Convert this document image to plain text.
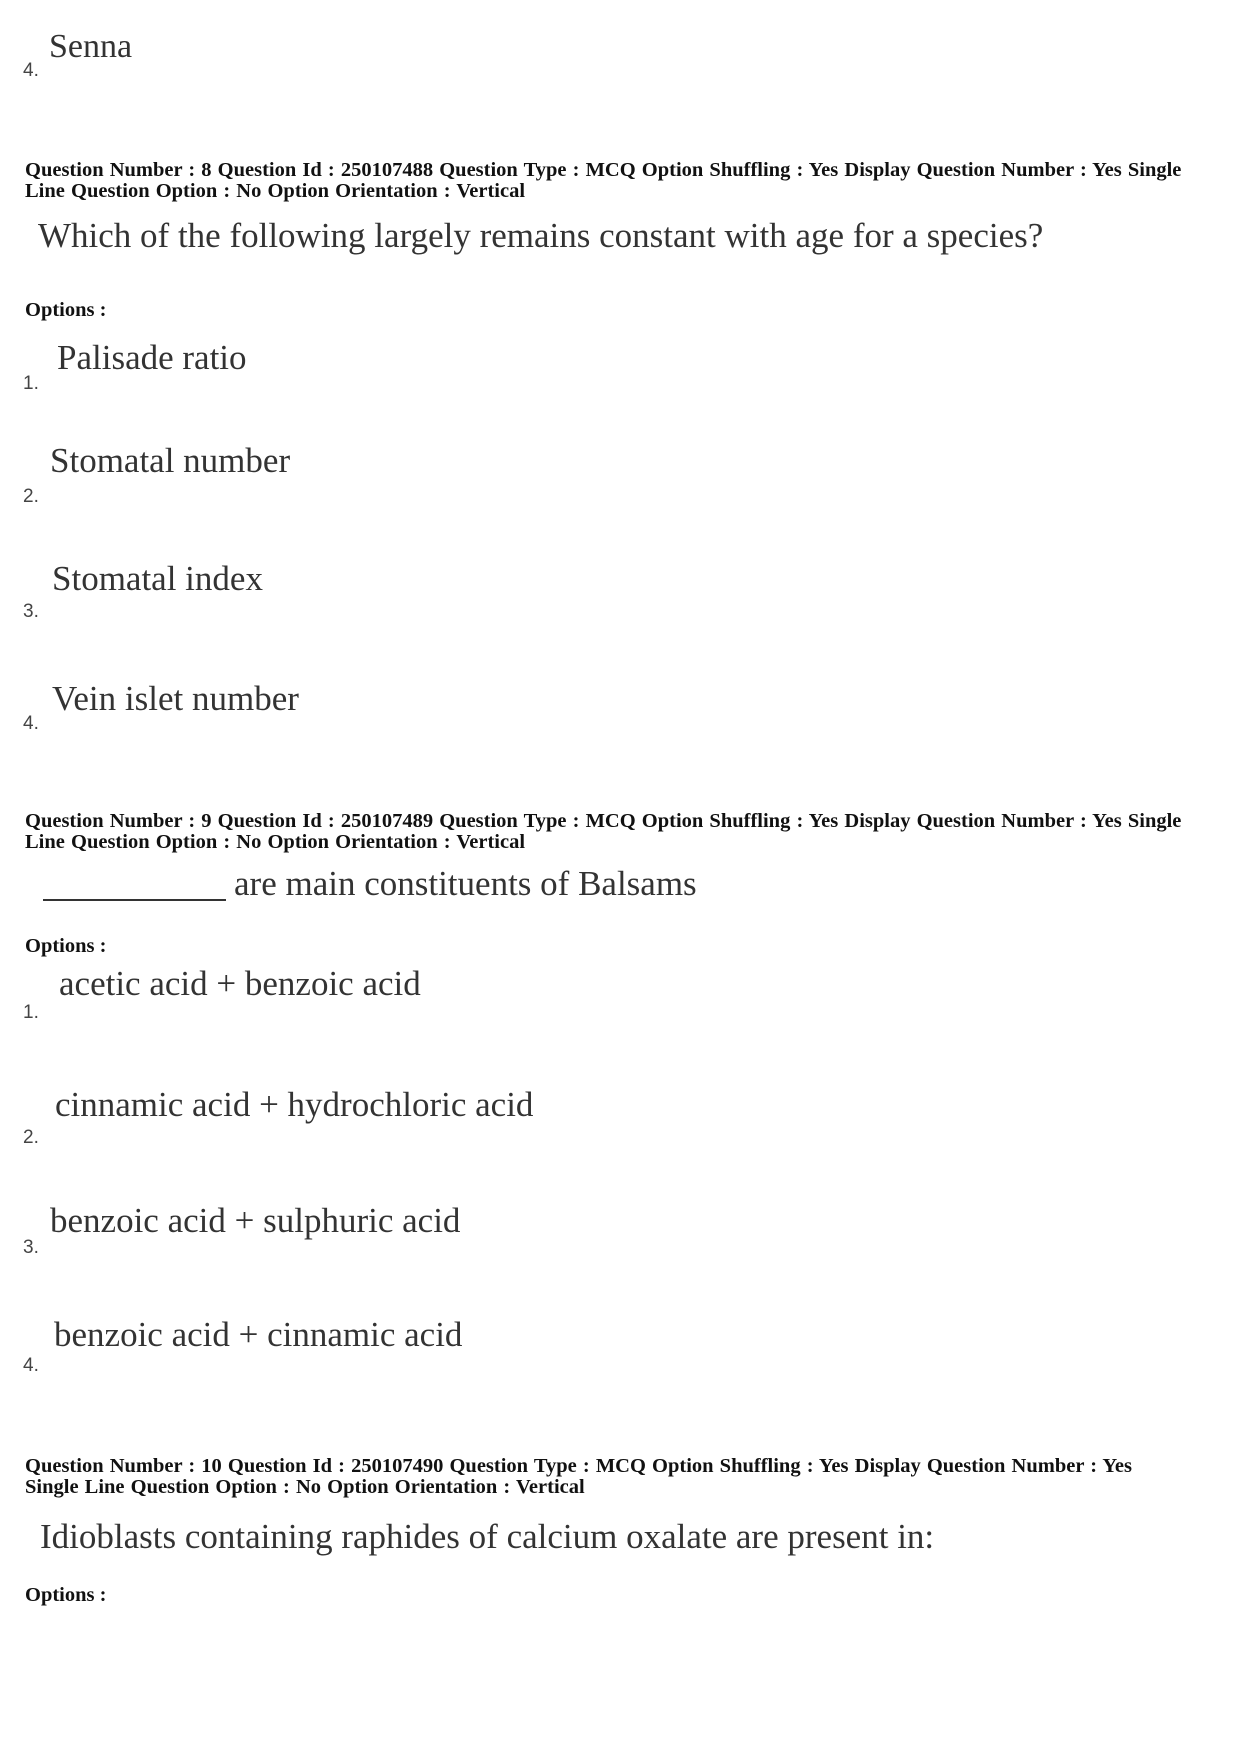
Senna
4.
Question Number : 8 Question Id : 250107488 Question Type : MCQ Option Shuffling : Yes Display Question Number : Yes Single
Line Question Option : No Option Orientation : Vertical
Which of the following largely remains constant with age for a species?
Options :
Palisade ratio
1.
Stomatal number
2.
Stomatal index
3.
Vein islet number
4.
Question Number : 9 Question Id : 250107489 Question Type : MCQ Option Shuffling : Yes Display Question Number : Yes Single
Line Question Option : No Option Orientation : Vertical
are main constituents of Balsams
Options :
acetic acid + benzoic acid
1.
cinnamic acid + hydrochloric acid
2.
benzoic acid + sulphuric acid
3.
benzoic acid + cinnamic acid
4.
Question Number : 10 Question Id : 250107490 Question Type : MCQ Option Shuffling : Yes Display Question Number : Yes
Single Line Question Option : No Option Orientation : Vertical
Idioblasts containing raphides of calcium oxalate are present in:
Options :
